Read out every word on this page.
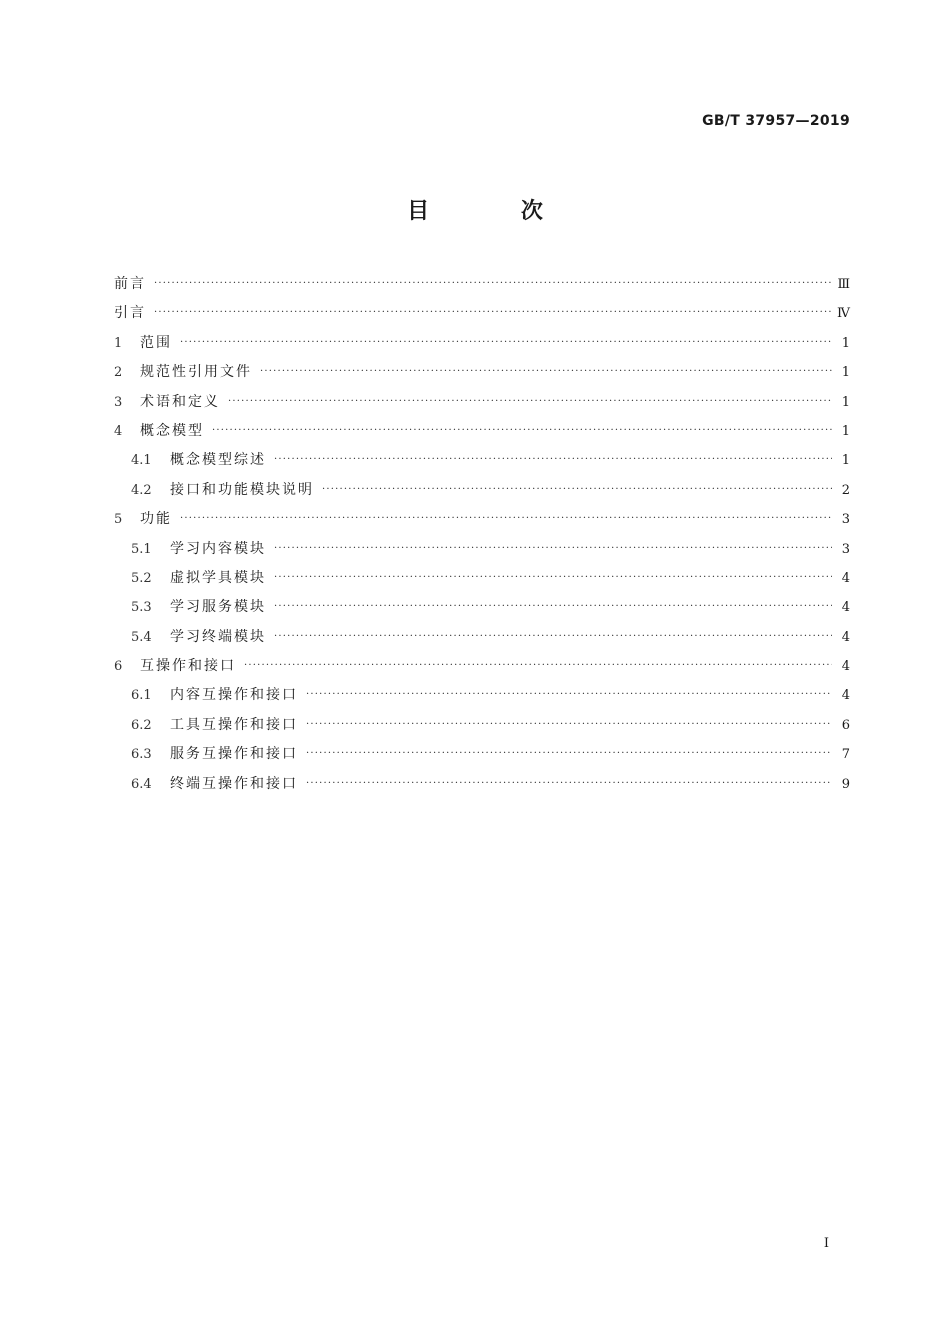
GB/T 37957—2019
目 次
前言 ·····	Ⅲ
引言 ·····	Ⅳ
1	范围 ·····	1
2	规范性引用文件 ·····	1
3	术语和定义 ·····	1
4	概念模型 ·····	1
4.1	概念模型综述 ·····	1
4.2	接口和功能模块说明 ·····	2
5	功能 ·····	3
5.1	学习内容模块 ·····	3
5.2	虚拟学具模块 ·····	4
5.3	学习服务模块 ·····	4
5.4	学习终端模块 ·····	4
6	互操作和接口 ·····	4
6.1	内容互操作和接口 ·····	4
6.2	工具互操作和接口 ·····	6
6.3	服务互操作和接口 ·····	7
6.4	终端互操作和接口 ·····	9
I
